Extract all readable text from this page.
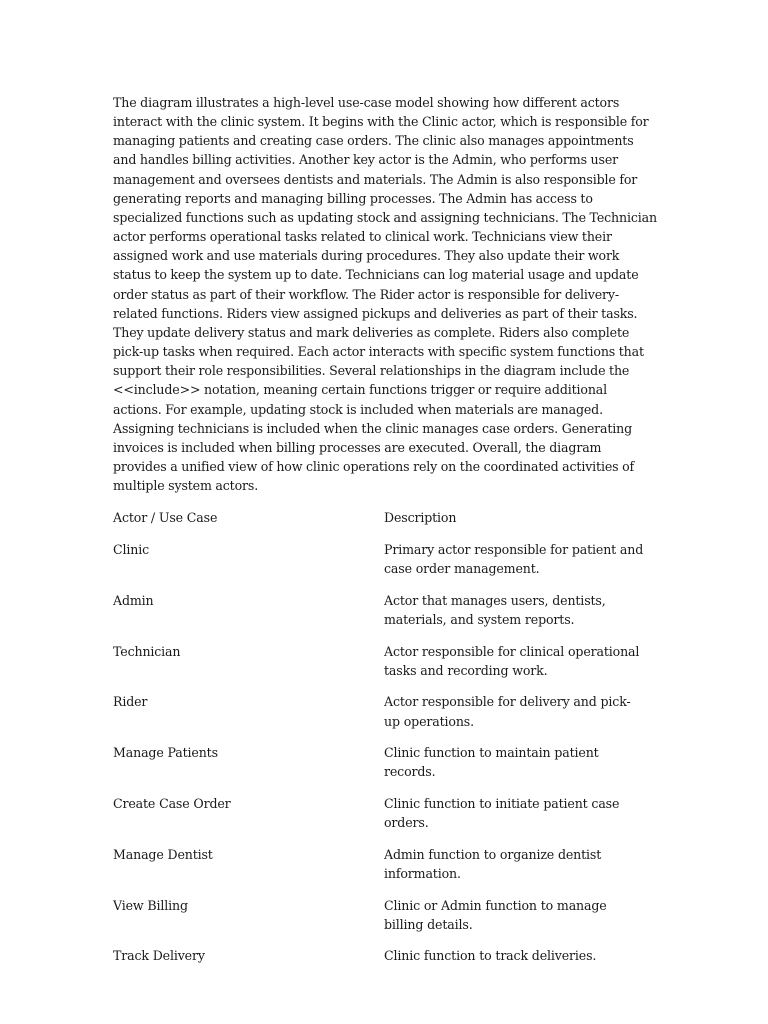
The diagram illustrates a high-level use-case model showing how different actors interact with the clinic system. It begins with the Clinic actor, which is responsible for managing patients and creating case orders. The clinic also manages appointments and handles billing activities. Another key actor is the Admin, who performs user management and oversees dentists and materials. The Admin is also responsible for generating reports and managing billing processes. The Admin has access to specialized functions such as updating stock and assigning technicians. The Technician actor performs operational tasks related to clinical work. Technicians view their assigned work and use materials during procedures. They also update their work status to keep the system up to date. Technicians can log material usage and update order status as part of their workflow. The Rider actor is responsible for delivery-related functions. Riders view assigned pickups and deliveries as part of their tasks. They update delivery status and mark deliveries as complete. Riders also complete pick-up tasks when required. Each actor interacts with specific system functions that support their role responsibilities. Several relationships in the diagram include the <<include>> notation, meaning certain functions trigger or require additional actions. For example, updating stock is included when materials are managed. Assigning technicians is included when the clinic manages case orders. Generating invoices is included when billing processes are executed. Overall, the diagram provides a unified view of how clinic operations rely on the coordinated activities of multiple system actors.

Actor / Use Case	Description
Clinic	Primary actor responsible for patient and case order management.
Admin	Actor that manages users, dentists, materials, and system reports.
Technician	Actor responsible for clinical operational tasks and recording work.
Rider	Actor responsible for delivery and pick-up operations.
Manage Patients	Clinic function to maintain patient records.
Create Case Order	Clinic function to initiate patient case orders.
Manage Dentist	Admin function to organize dentist information.
View Billing	Clinic or Admin function to manage billing details.
Track Delivery	Clinic function to track deliveries.
